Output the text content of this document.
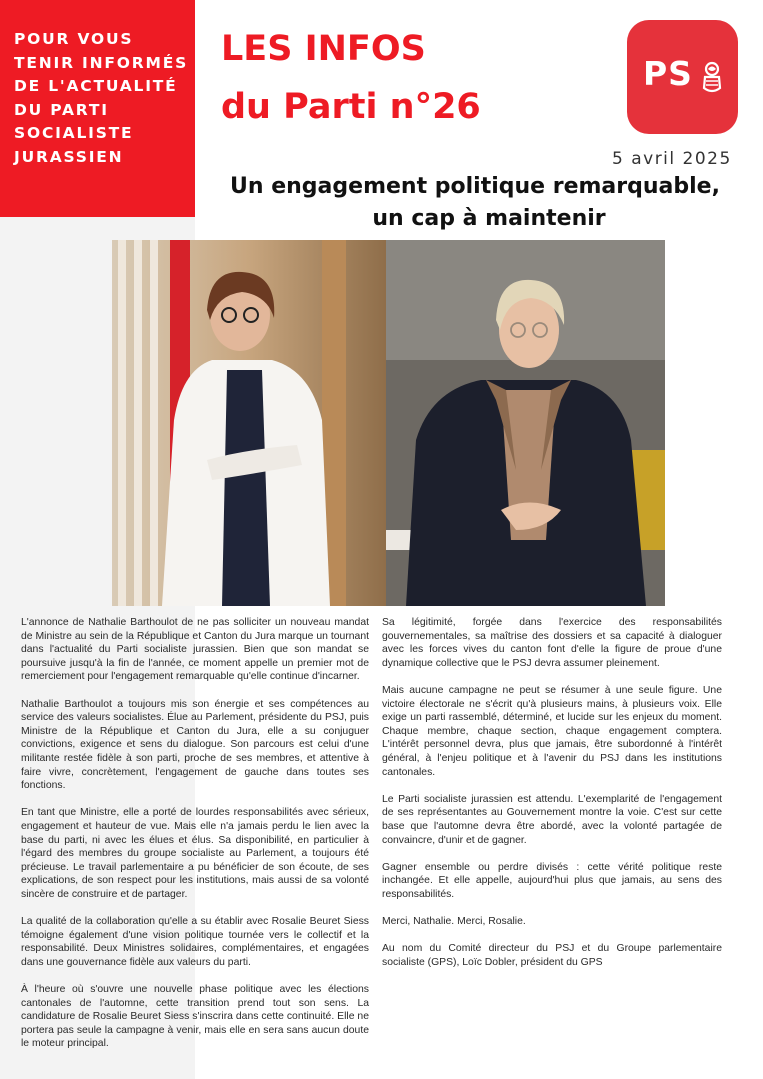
POUR VOUS
TENIR INFORMÉS
DE L'ACTUALITÉ
DU PARTI
SOCIALISTE
JURASSIEN

LES INFOS
du Parti n°26
PS

5 avril 2025

Un engagement politique remarquable,
un cap à maintenir

L'annonce de Nathalie Barthoulot de ne pas solliciter un nouveau mandat de Ministre au sein de la République et Canton du Jura marque un tournant dans l'actualité du Parti socialiste jurassien. Bien que son mandat se poursuive jusqu'à la fin de l'année, ce moment appelle un premier mot de remerciement pour l'engagement remarquable qu'elle continue d'incarner.

Nathalie Barthoulot a toujours mis son énergie et ses compétences au service des valeurs socialistes. Élue au Parlement, présidente du PSJ, puis Ministre de la République et Canton du Jura, elle a su conjuguer convictions, exigence et sens du dialogue. Son parcours est celui d'une militante restée fidèle à son parti, proche de ses membres, et attentive à faire vivre, concrètement, l'engagement de gauche dans toutes ses fonctions.

En tant que Ministre, elle a porté de lourdes responsabilités avec sérieux, engagement et hauteur de vue. Mais elle n'a jamais perdu le lien avec la base du parti, ni avec les élues et élus. Sa disponibilité, en particulier à l'égard des membres du groupe socialiste au Parlement, a toujours été précieuse. Le travail parlementaire a pu bénéficier de son écoute, de ses explications, de son respect pour les institutions, mais aussi de sa volonté sincère de construire et de partager.

La qualité de la collaboration qu'elle a su établir avec Rosalie Beuret Siess témoigne également d'une vision politique tournée vers le collectif et la responsabilité. Deux Ministres solidaires, complémentaires, et engagées dans une gouvernance fidèle aux valeurs du parti.

À l'heure où s'ouvre une nouvelle phase politique avec les élections cantonales de l'automne, cette transition prend tout son sens. La candidature de Rosalie Beuret Siess s'inscrira dans cette continuité. Elle ne portera pas seule la campagne à venir, mais elle en sera sans aucun doute le moteur principal.

Sa légitimité, forgée dans l'exercice des responsabilités gouvernementales, sa maîtrise des dossiers et sa capacité à dialoguer avec les forces vives du canton font d'elle la figure de proue d'une dynamique collective que le PSJ devra assumer pleinement.

Mais aucune campagne ne peut se résumer à une seule figure. Une victoire électorale ne s'écrit qu'à plusieurs mains, à plusieurs voix. Elle exige un parti rassemblé, déterminé, et lucide sur les enjeux du moment. Chaque membre, chaque section, chaque engagement comptera. L'intérêt personnel devra, plus que jamais, être subordonné à l'intérêt général, à l'enjeu politique et à l'avenir du PSJ dans les institutions cantonales.

Le Parti socialiste jurassien est attendu. L'exemplarité de l'engagement de ses représentantes au Gouvernement montre la voie. C'est sur cette base que l'automne devra être abordé, avec la volonté partagée de convaincre, d'unir et de gagner.

Gagner ensemble ou perdre divisés : cette vérité politique reste inchangée. Et elle appelle, aujourd'hui plus que jamais, au sens des responsabilités.

Merci, Nathalie. Merci, Rosalie.

Au nom du Comité directeur du PSJ et du Groupe parlementaire socialiste (GPS), Loïc Dobler, président du GPS
